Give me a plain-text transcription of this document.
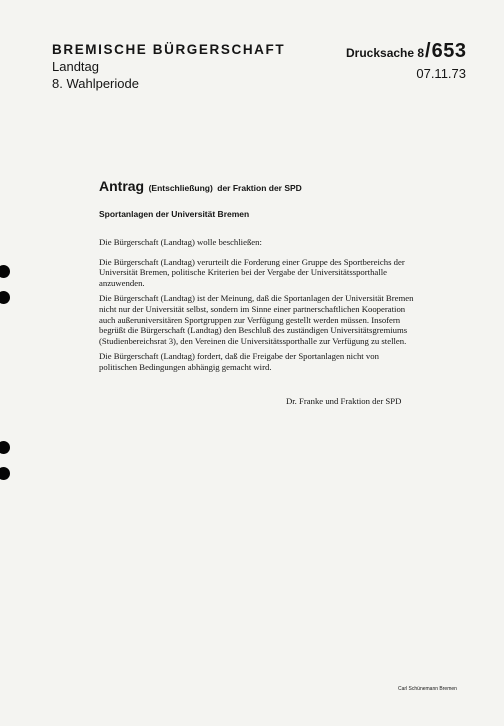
BREMISCHE BÜRGERSCHAFT
Landtag
8. Wahlperiode
Drucksache 8/653
07.11.73
Antrag (Entschließung) der Fraktion der SPD
Sportanlagen der Universität Bremen

Die Bürgerschaft (Landtag) wolle beschließen:

Die Bürgerschaft (Landtag) verurteilt die Forderung einer Gruppe des Sportbereichs der Universität Bremen, politische Kriterien bei der Vergabe der Universitätssporthalle anzuwenden.

Die Bürgerschaft (Landtag) ist der Meinung, daß die Sportanlagen der Universität Bremen nicht nur der Universität selbst, sondern im Sinne einer partnerschaftlichen Kooperation auch außeruniversitären Sportgruppen zur Verfügung gestellt werden müssen. Insofern begrüßt die Bürgerschaft (Landtag) den Beschluß des zuständigen Universitätsgremiums (Studienbereichsrat 3), den Vereinen die Universitätssporthalle zur Verfügung zu stellen.

Die Bürgerschaft (Landtag) fordert, daß die Freigabe der Sportanlagen nicht von politischen Bedingungen abhängig gemacht wird.

Dr. Franke und Fraktion der SPD
Carl Schünemann Bremen
